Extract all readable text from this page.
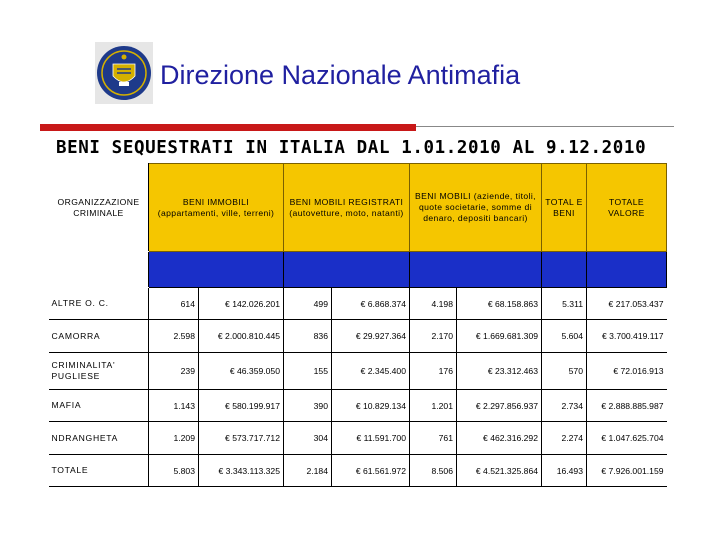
Direzione Nazionale Antimafia
BENI SEQUESTRATI IN ITALIA DAL 1.01.2010 AL 9.12.2010
ORGANIZZAZIONE CRIMINALE	BENI IMMOBILI (appartamenti, ville, terreni)		BENI MOBILI REGISTRATI (autovetture, moto, natanti)		BENI MOBILI (aziende, titoli, quote societarie, somme di denaro, depositi bancari)		TOTAL E BENI	TOTALE VALORE

ALTRE O. C.	614	€ 142.026.201	499	€ 6.868.374	4.198	€ 68.158.863	5.311	€ 217.053.437
CAMORRA	2.598	€ 2.000.810.445	836	€ 29.927.364	2.170	€ 1.669.681.309	5.604	€ 3.700.419.117
CRIMINALITA' PUGLIESE	239	€ 46.359.050	155	€ 2.345.400	176	€ 23.312.463	570	€ 72.016.913
MAFIA	1.143	€ 580.199.917	390	€ 10.829.134	1.201	€ 2.297.856.937	2.734	€ 2.888.885.987
NDRANGHETA	1.209	€ 573.717.712	304	€ 11.591.700	761	€ 462.316.292	2.274	€ 1.047.625.704
TOTALE	5.803	€ 3.343.113.325	2.184	€ 61.561.972	8.506	€ 4.521.325.864	16.493	€ 7.926.001.159
